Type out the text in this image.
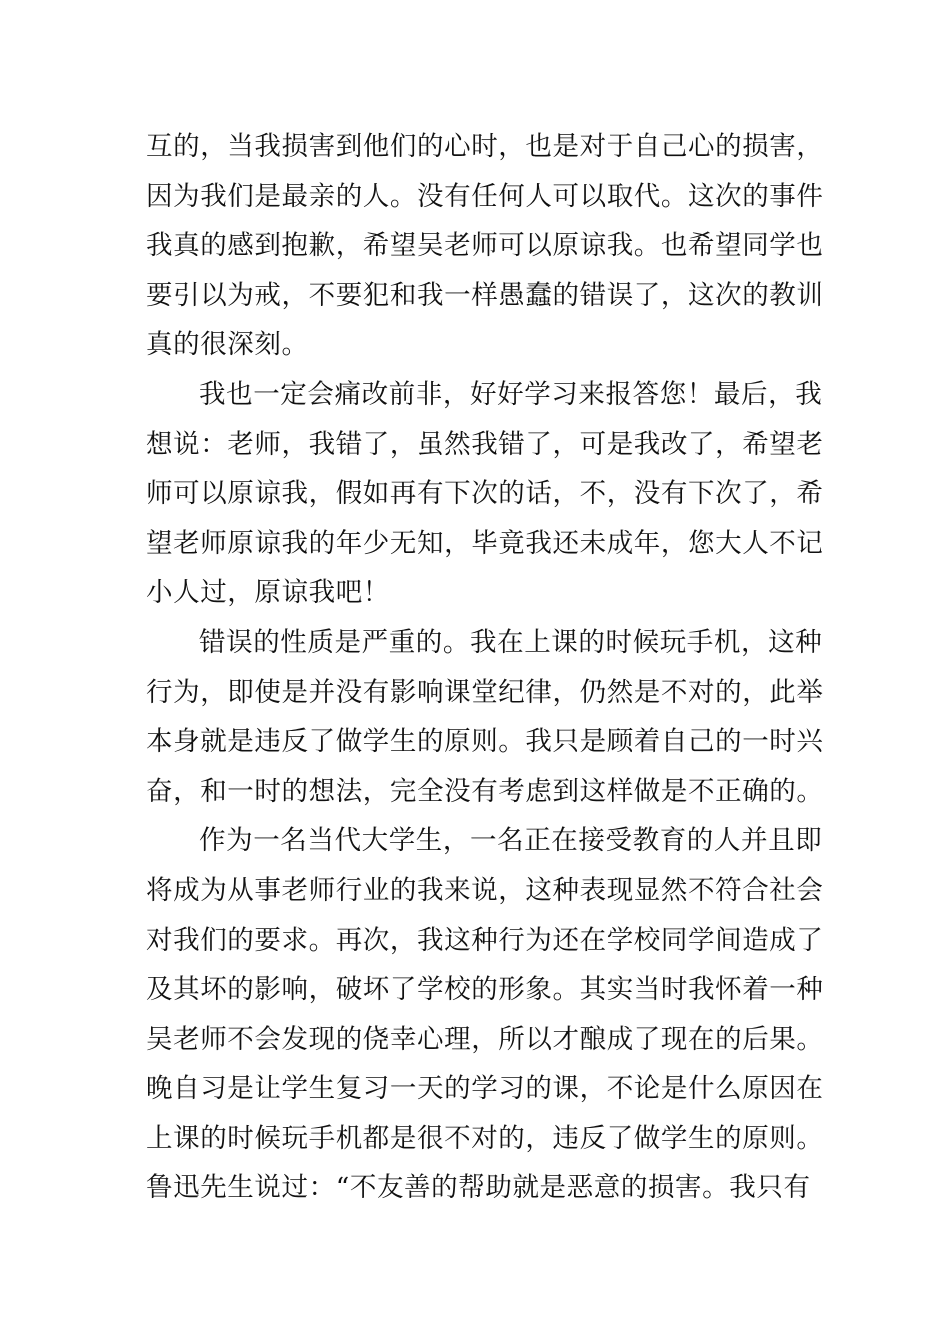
互的，当我损害到他们的心时，也是对于自己心的损害，
因为我们是最亲的人。没有任何人可以取代。这次的事件
我真的感到抱歉，希望吴老师可以原谅我。也希望同学也
要引以为戒，不要犯和我一样愚蠢的错误了，这次的教训
真的很深刻。
我也一定会痛改前非，好好学习来报答您！最后，我
想说：老师，我错了，虽然我错了，可是我改了，希望老
师可以原谅我，假如再有下次的话，不，没有下次了，希
望老师原谅我的年少无知，毕竟我还未成年，您大人不记
小人过，原谅我吧！
错误的性质是严重的。我在上课的时候玩手机，这种
行为，即使是并没有影响课堂纪律，仍然是不对的，此举
本身就是违反了做学生的原则。我只是顾着自己的一时兴
奋，和一时的想法，完全没有考虑到这样做是不正确的。
作为一名当代大学生，一名正在接受教育的人并且即
将成为从事老师行业的我来说，这种表现显然不符合社会
对我们的要求。再次，我这种行为还在学校同学间造成了
及其坏的影响，破坏了学校的形象。其实当时我怀着一种
吴老师不会发现的侥幸心理，所以才酿成了现在的后果。
晚自习是让学生复习一天的学习的课，不论是什么原因在
上课的时候玩手机都是很不对的，违反了做学生的原则。
鲁迅先生说过：“不友善的帮助就是恶意的损害。我只有
